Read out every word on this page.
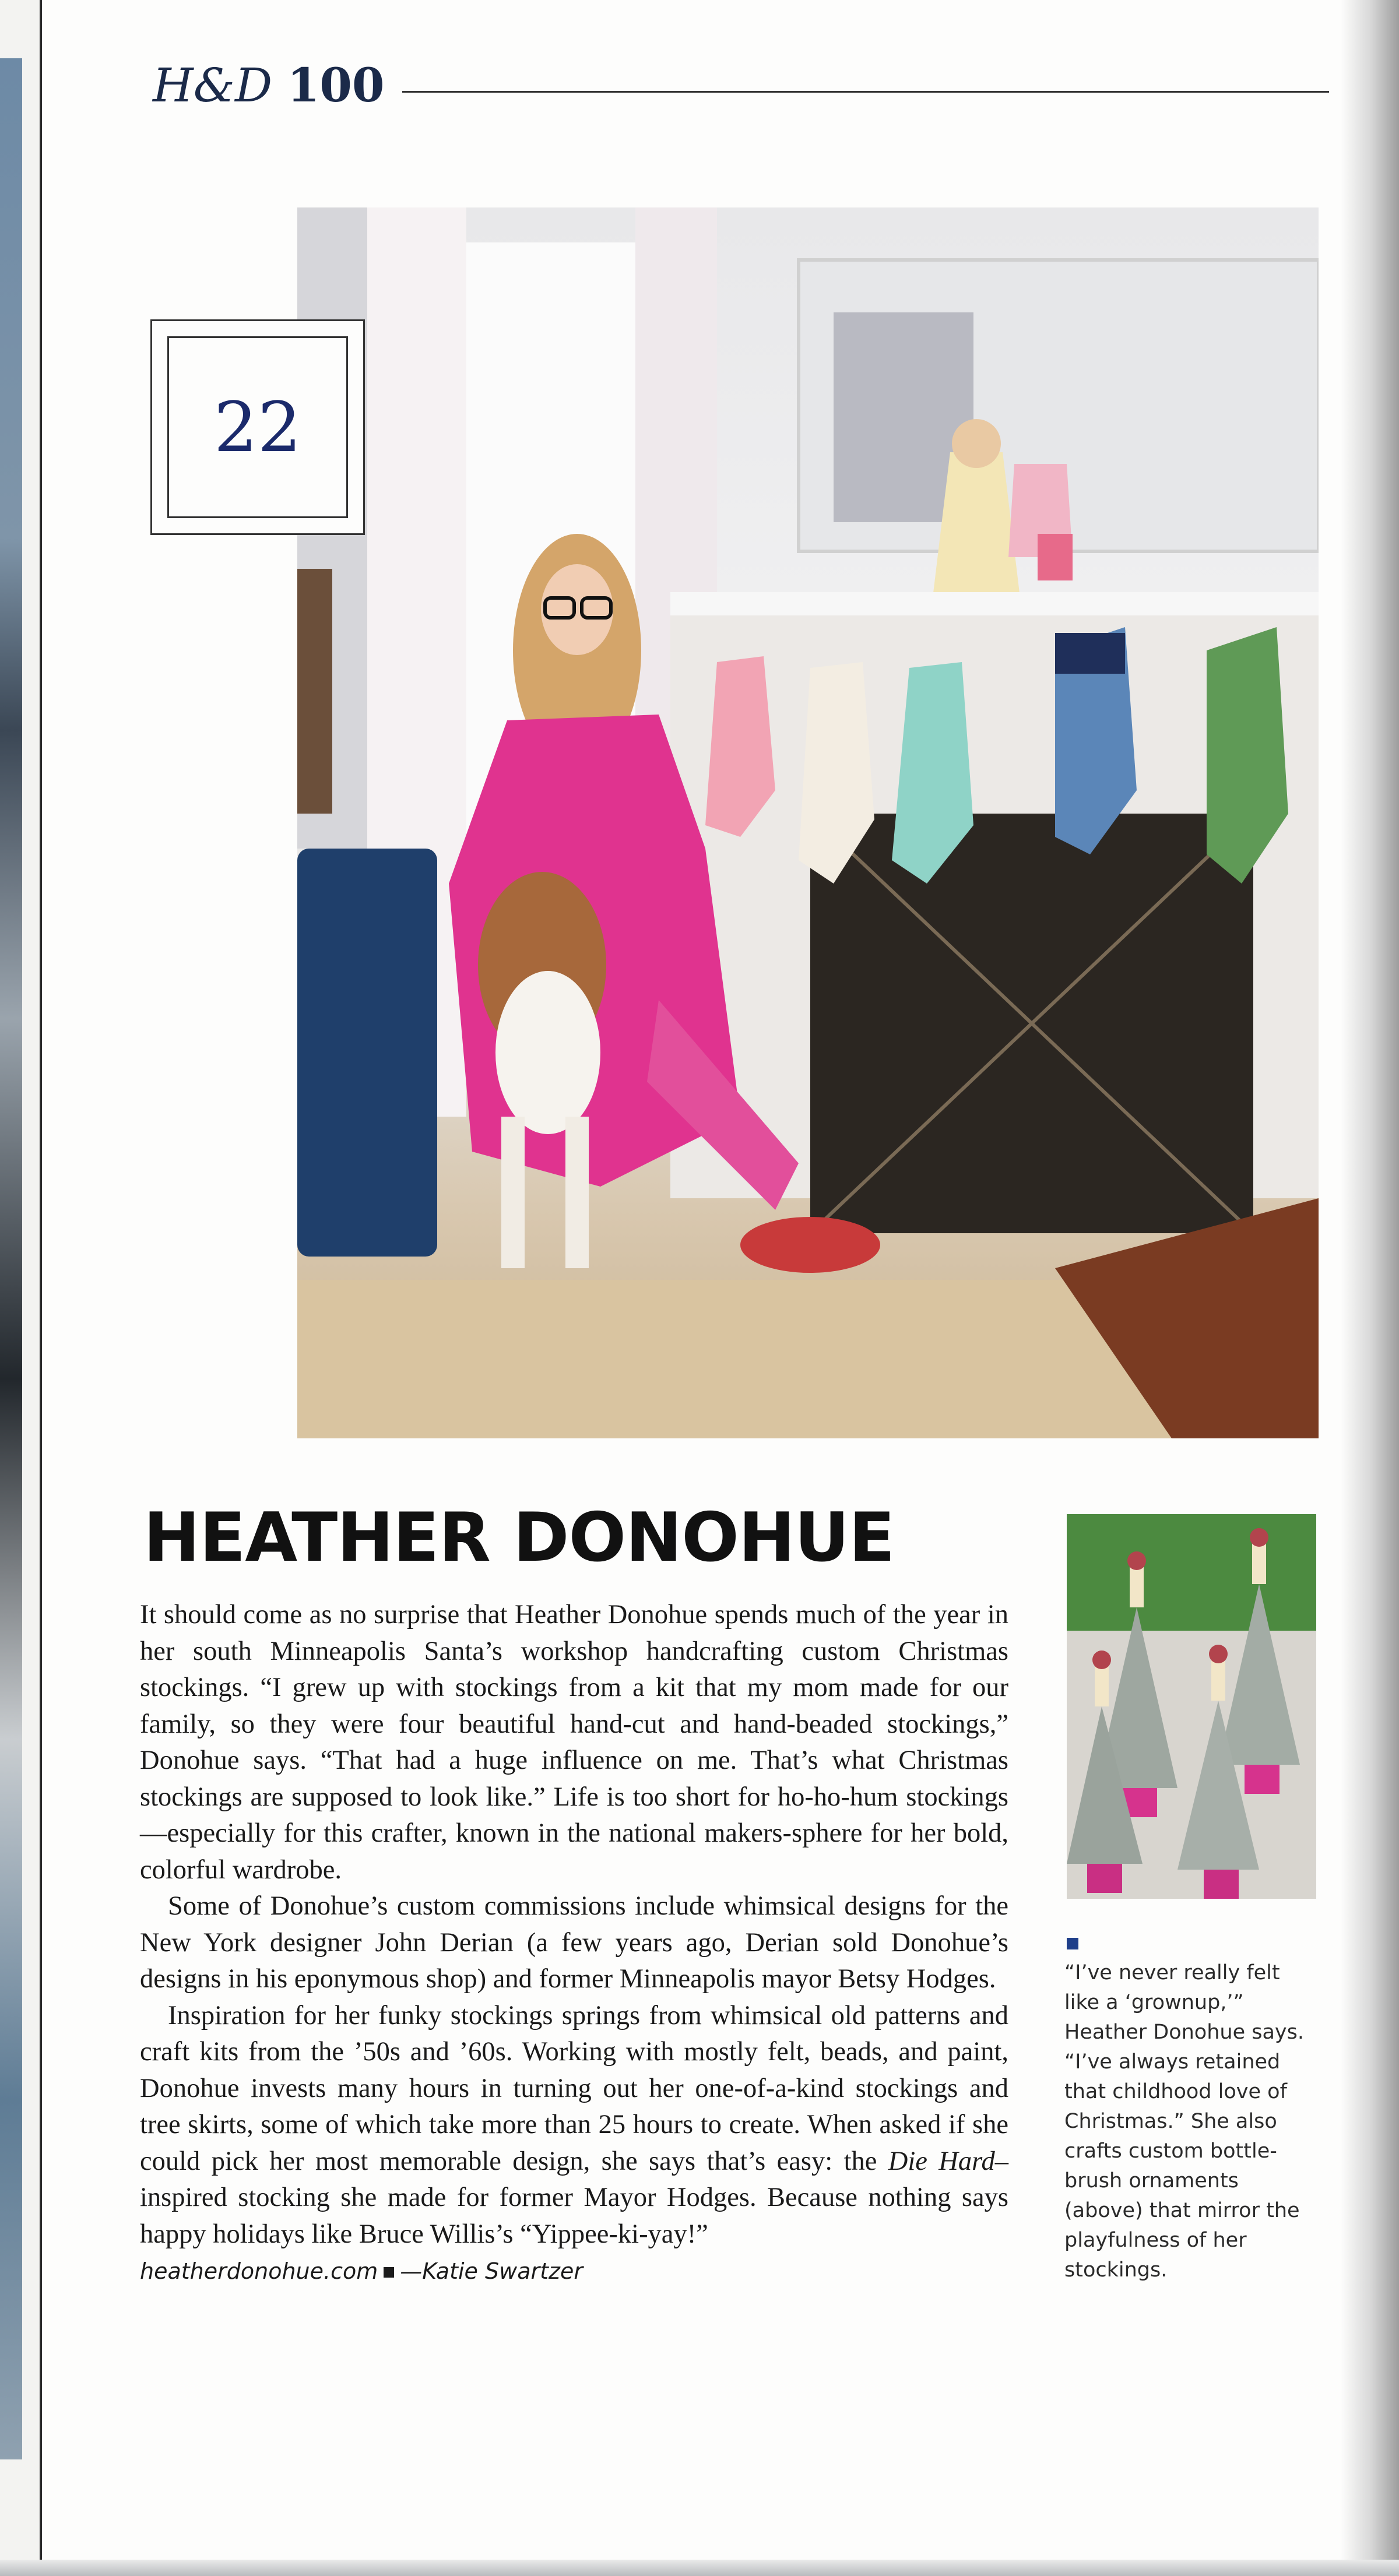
H&D 100
22
HEATHER DONOHUE

It should come as no surprise that Heather Donohue spends much of the year in her south Minneapolis Santa’s workshop handcrafting custom Christmas stockings. “I grew up with stockings from a kit that my mom made for our family, so they were four beautiful hand-cut and hand-beaded stockings,” Donohue says. “That had a huge influence on me. That’s what Christmas stockings are supposed to look like.” Life is too short for ho-ho-hum stockings—especially for this crafter, known in the national makers-sphere for her bold, colorful wardrobe.

Some of Donohue’s custom commissions include whimsical designs for the New York designer John Derian (a few years ago, Derian sold Donohue’s designs in his eponymous shop) and former Minneapolis mayor Betsy Hodges.

Inspiration for her funky stockings springs from whimsical old patterns and craft kits from the ’50s and ’60s. Working with mostly felt, beads, and paint, Donohue invests many hours in turning out her one-of-a-kind stockings and tree skirts, some of which take more than 25 hours to create. When asked if she could pick her most memorable design, she says that’s easy: the Die Hard–inspired stocking she made for former Mayor Hodges. Because nothing says happy holidays like Bruce Willis’s “Yippee-ki-yay!”

heatherdonohue.com —Katie Swartzer
“I’ve never really felt like a ‘grownup,’” Heather Donohue says. “I’ve always retained that childhood love of Christmas.” She also crafts custom bottle-brush ornaments (above) that mirror the playfulness of her stockings.
